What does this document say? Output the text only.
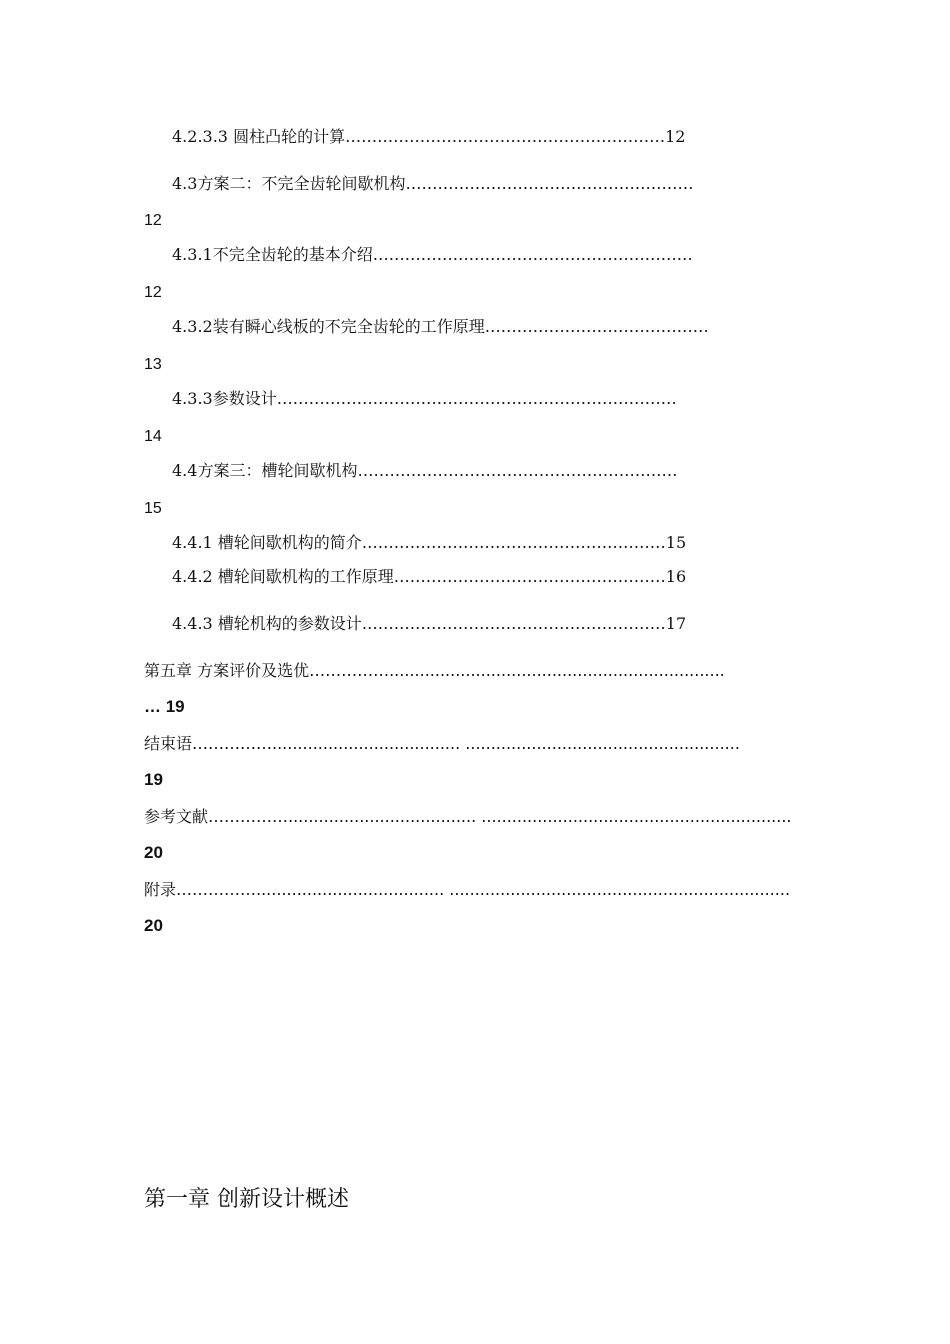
4.2.3.3 圆柱凸轮的计算……………………………………………………12
4.3方案二：不完全齿轮间歇机构………………………………………………
12
4.3.1不完全齿轮的基本介绍……………………………………………………
12
4.3.2装有瞬心线板的不完全齿轮的工作原理……………………………………
13
4.3.3参数设计…………………………………………………………………
14
4.4方案三：槽轮间歇机构……………………………………………………
15
4.4.1 槽轮间歇机构的简介…………………………………………………15
4.4.2 槽轮间歇机构的工作原理……………………………………………16
4.4.3 槽轮机构的参数设计…………………………………………………17
第五章 方案评价及选优……………..................................................................
… 19
结束语……………..................................... ......................................................
19
参考文献……………..................................... .............................................................
20
附录……………..................................... ...................................................................
20
第一章 创新设计概述
